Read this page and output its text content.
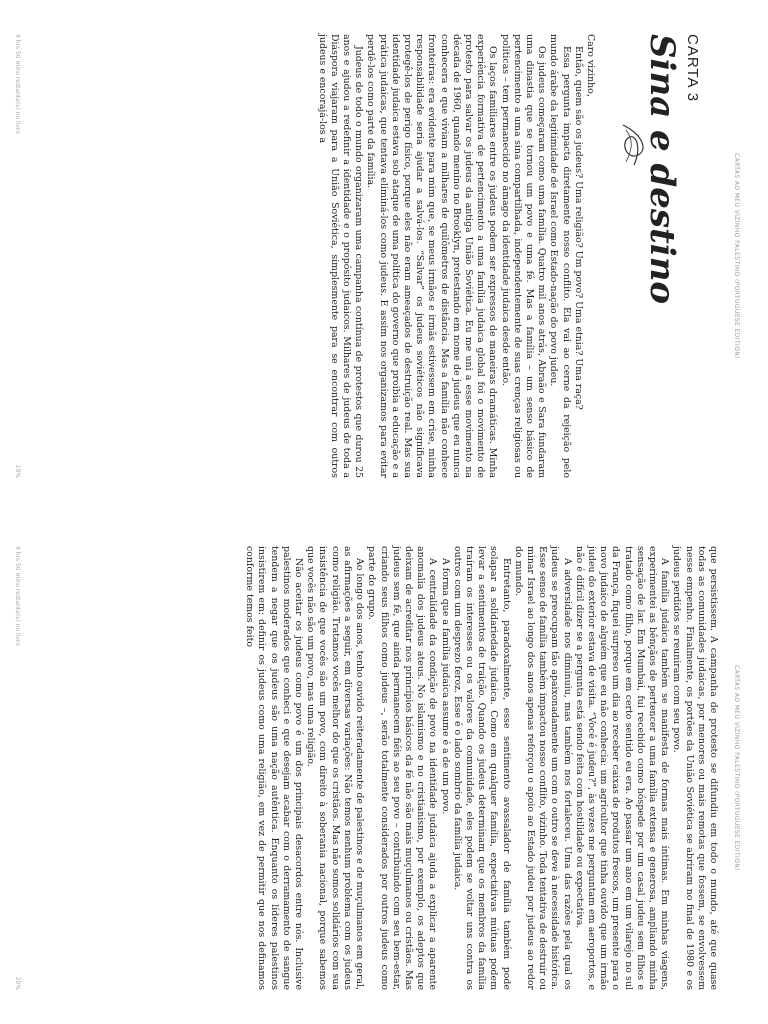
CARTAS AO MEU VIZINHO PALESTINO (PORTUGUESE EDITION)
CARTA 3
Sina e destino

Caro vizinho,

Então, quem são os judeus? Uma religião? Um povo? Uma etnia? Uma raça?

Essa pergunta impacta diretamente nosso conflito. Ela vai ao cerne da rejeição pelo mundo árabe da legitimidade de Israel como Estado-nação do povo judeu.

Os judeus começaram como uma família. Quatro mil anos atrás, Abraão e Sara fundaram uma dinastia que se tornou um povo e uma fé. Mas a família – um senso básico de pertencimento a uma sina compartilhada, independentemente de suas crenças religiosas ou políticas – tem permanecido no âmago da identidade judaica desde então.

Os laços familiares entre os judeus podem ser expressos de maneiras dramáticas. Minha experiência formativa de pertencimento a uma família judaica global foi o movimento de protesto para salvar os judeus da antiga União Soviética. Eu me uni a esse movimento na década de 1960, quando menino no Brooklyn, protestando em nome de judeus que eu nunca conhecera e que viviam a milhares de quilômetros de distância. Mas a família não conhece fronteiras: era evidente para mim que, se meus irmãos e irmãs estivessem em crise, minha responsabilidade seria ajudar a salvá-los. “Salvar” os judeus soviéticos não significava protegê-los de perigo físico, porque eles não eram ameaçados de destruição real. Mas sua identidade judaica estava sob ataque de uma política do governo que proibia a educação e a prática judaicas, que tentava eliminá-los como judeus. E assim nos organizamos para evitar perdê-los como parte da família.

Judeus de todo o mundo organizaram uma campanha contínua de protestos que durou 25 anos e ajudou a redefinir a identidade e o propósito judaicos. Milhares de judeus de toda a Diáspora viajaram para a União Soviética, simplesmente para se encontrar com outros judeus e encorajá-los a

4 hrs 50 mins restante(s) no livro
19%
CARTAS AO MEU VIZINHO PALESTINO (PORTUGUESE EDITION)

que persistissem. A campanha de protesto se difundiu em todo o mundo, até que quase todas as comunidades judaicas, por menores ou mais remotas que fossem, se envolvessem nesse empenho. Finalmente, os portões da União Soviética se abriram no final de 1980 e os judeus perdidos se reuniram com seu povo.

A família judaica também se manifesta de formas mais íntimas. Em minhas viagens, experimentei as bênçãos de pertencer a uma família extensa e generosa, ampliando minha sensação de lar. Em Mumbai, fui recebido como hóspede por um casal judeu sem filhos e tratado como filho, porque em certo sentido eu era. Ao passar um ano em um vilarejo no sul da França, fiquei surpreso um dia ao receber caixas de produtos frescos, um presente para o novo judaico de alguém que eu não conhecia: um agricultor que tinha ouvido que um irmão judeu do exterior estava de visita. “Você é judeu?”, às vezes me perguntam em aeroportos, e não é difícil dizer se a pergunta está sendo feita com hostilidade ou expectativa.

A adversidade nos diminuiu, mas também nos fortaleceu. Uma das razões pela qual os judeus se preocupam tão apaixonadamente um com o outro se deve à necessidade histórica. Esse senso de família também impactou nosso conflito, vizinho. Toda tentativa de destruir ou minar Israel ao longo dos anos apenas reforçou o apoio ao Estado judeu por judeus ao redor do mundo.

Entretanto, paradoxalmente, esse sentimento avassalador de família também pode solapar a solidariedade judaica. Como em qualquer família, expectativas mútuas podem levar a sentimentos de traição. Quando os judeus determinam que os membros da família traíram os interesses ou os valores da comunidade, eles podem se voltar uns contra os outros com um desprezo feroz. Esse é o lado sombrio da família judaica.

A forma que a família judaica assume é a de um povo.

A centralidade da condição de povo na identidade judaica ajuda a explicar a aparente anomalia dos judeus ateus. No islamismo e no cristianismo, por exemplo, os adeptos que deixam de acreditar nos princípios básicos da fé não são mais muçulmanos ou cristãos. Mas judeus sem fé, que ainda permanecem fiéis ao seu povo – contribuindo com seu bem-estar, criando seus filhos como judeus –, serão totalmente considerados por outros judeus como parte do grupo.

Ao longo dos anos, tenho ouvido reiteradamente de palestinos e de muçulmanos em geral, as afirmações a seguir, em diversas variações: Não temos nenhum problema com os judeus como religião. Tratamos vocês melhor do que os cristãos. Mas não somos solidários com sua insistência de que vocês são um povo, com direito à soberania nacional, porque sabemos que vocês não são um povo, mas uma religião.

Não aceitar os judeus como povo é um dos principais desacordos entre nós. Inclusive palestinos moderados que conheci e que desejam acabar com o derramamento de sangue tendem a negar que os judeus são uma nação autêntica. Enquanto os líderes palestinos insistirem em: definir os judeus como uma religião, em vez de permitir que nos definamos conforme temos feito

4 hrs 50 mins restante(s) no livro
20%
